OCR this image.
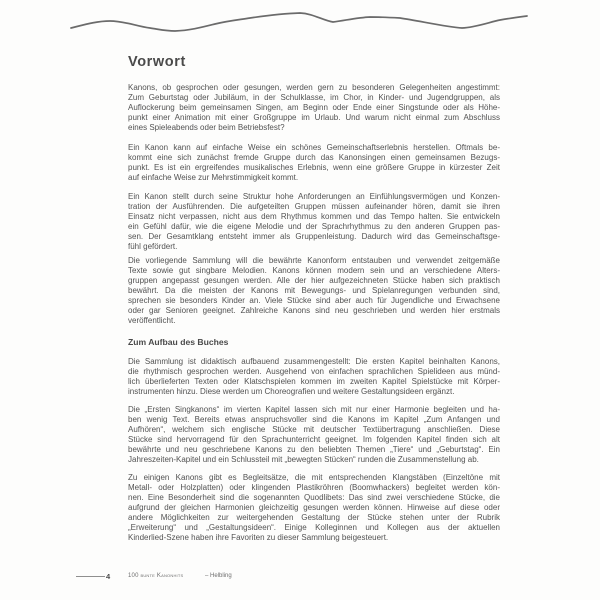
Vorwort
Kanons, ob gesprochen oder gesungen, werden gern zu besonderen Gelegenheiten angestimmt:
Zum Geburtstag oder Jubiläum, in der Schulklasse, im Chor, in Kinder- und Jugendgruppen, als
Auflockerung beim gemeinsamen Singen, am Beginn oder Ende einer Singstunde oder als Höhe-
punkt einer Animation mit einer Großgruppe im Urlaub. Und warum nicht einmal zum Abschluss
eines Spieleabends oder beim Betriebsfest?
Ein Kanon kann auf einfache Weise ein schönes Gemeinschaftserlebnis herstellen. Oftmals be-
kommt eine sich zunächst fremde Gruppe durch das Kanonsingen einen gemeinsamen Bezugs-
punkt. Es ist ein ergreifendes musikalisches Erlebnis, wenn eine größere Gruppe in kürzester Zeit
auf einfache Weise zur Mehrstimmigkeit kommt.
Ein Kanon stellt durch seine Struktur hohe Anforderungen an Einfühlungsvermögen und Konzen-
tration der Ausführenden. Die aufgeteilten Gruppen müssen aufeinander hören, damit sie ihren
Einsatz nicht verpassen, nicht aus dem Rhythmus kommen und das Tempo halten. Sie entwickeln
ein Gefühl dafür, wie die eigene Melodie und der Sprachrhythmus zu den anderen Gruppen pas-
sen. Der Gesamtklang entsteht immer als Gruppenleistung. Dadurch wird das Gemeinschaftsge-
fühl gefördert.
Die vorliegende Sammlung will die bewährte Kanonform entstauben und verwendet zeitgemäße
Texte sowie gut singbare Melodien. Kanons können modern sein und an verschiedene Alters-
gruppen angepasst gesungen werden. Alle der hier aufgezeichneten Stücke haben sich praktisch
bewährt. Da die meisten der Kanons mit Bewegungs- und Spielanregungen verbunden sind,
sprechen sie besonders Kinder an. Viele Stücke sind aber auch für Jugendliche und Erwachsene
oder gar Senioren geeignet. Zahlreiche Kanons sind neu geschrieben und werden hier erstmals
veröffentlicht.
Zum Aufbau des Buches
Die Sammlung ist didaktisch aufbauend zusammengestellt: Die ersten Kapitel beinhalten Kanons,
die rhythmisch gesprochen werden. Ausgehend von einfachen sprachlichen Spielideen aus münd-
lich überlieferten Texten oder Klatschspielen kommen im zweiten Kapitel Spielstücke mit Körper-
instrumenten hinzu. Diese werden um Choreografien und weitere Gestaltungsideen ergänzt.
Die „Ersten Singkanons“ im vierten Kapitel lassen sich mit nur einer Harmonie begleiten und ha-
ben wenig Text. Bereits etwas anspruchsvoller sind die Kanons im Kapitel „Zum Anfangen und
Aufhören“, welchem sich englische Stücke mit deutscher Textübertragung anschließen. Diese
Stücke sind hervorragend für den Sprachunterricht geeignet. Im folgenden Kapitel finden sich alt
bewährte und neu geschriebene Kanons zu den beliebten Themen „Tiere“ und „Geburtstag“. Ein
Jahreszeiten-Kapitel und ein Schlussteil mit „bewegten Stücken“ runden die Zusammenstellung ab.
Zu einigen Kanons gibt es Begleitsätze, die mit entsprechenden Klangstäben (Einzeltöne mit
Metall- oder Holzplatten) oder klingenden Plastikröhren (Boomwhackers) begleitet werden kön-
nen. Eine Besonderheit sind die sogenannten Quodlibets: Das sind zwei verschiedene Stücke, die
aufgrund der gleichen Harmonien gleichzeitig gesungen werden können. Hinweise auf diese oder
andere Möglichkeiten zur weitergehenden Gestaltung der Stücke stehen unter der Rubrik
„Erweiterung“ und „Gestaltungsideen“. Einige Kolleginnen und Kollegen aus der aktuellen
Kinderlied-Szene haben ihre Favoriten zu dieser Sammlung beigesteuert.
4	100 bunte Kanonhits	– Helbling
